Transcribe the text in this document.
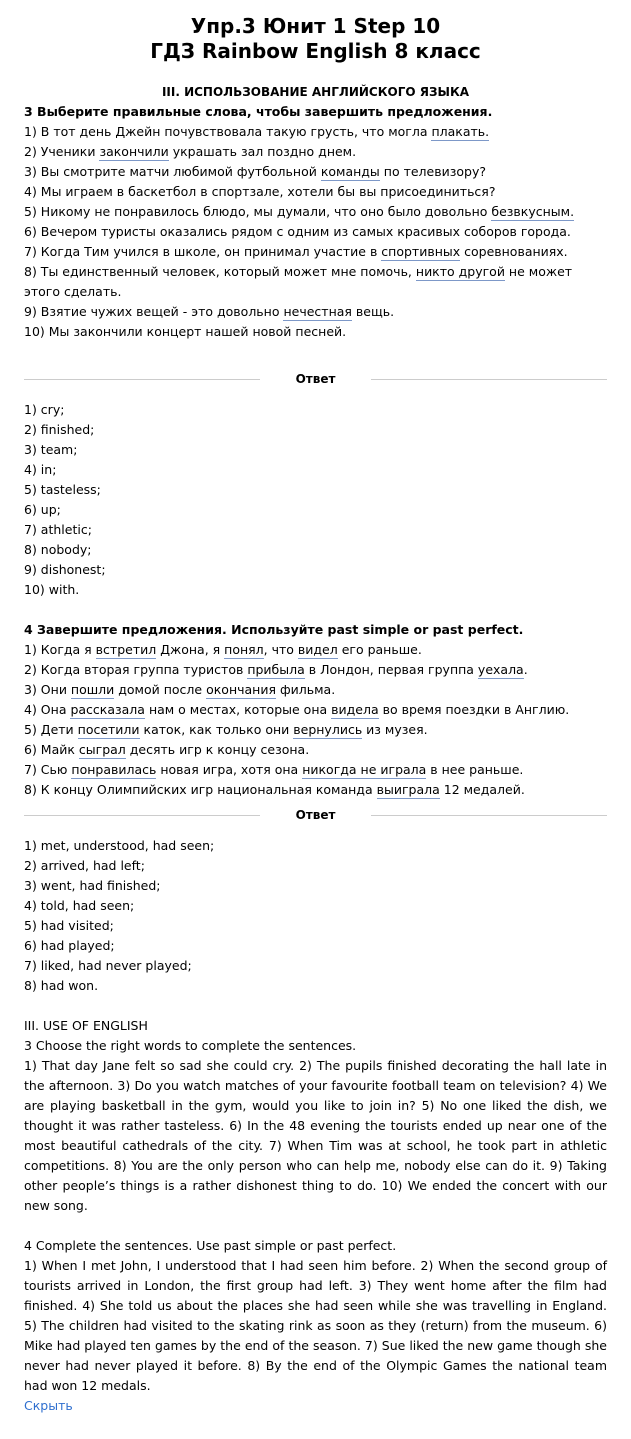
Упр.3 Юнит 1 Step 10
ГДЗ Rainbow English 8 класс
III. ИСПОЛЬЗОВАНИЕ АНГЛИЙСКОГО ЯЗЫКА
3 Выберите правильные слова, чтобы завершить предложения.
1) В тот день Джейн почувствовала такую грусть, что могла плакать.
2) Ученики закончили украшать зал поздно днем.
3) Вы смотрите матчи любимой футбольной команды по телевизору?
4) Мы играем в баскетбол в спортзале, хотели бы вы присоединиться?
5) Никому не понравилось блюдо, мы думали, что оно было довольно безвкусным.
6) Вечером туристы оказались рядом с одним из самых красивых соборов города.
7) Когда Тим учился в школе, он принимал участие в спортивных соревнованиях.
8) Ты единственный человек, который может мне помочь, никто другой не может этого сделать.
9) Взятие чужих вещей - это довольно нечестная вещь.
10) Мы закончили концерт нашей новой песней.
Ответ
1) cry;
2) finished;
3) team;
4) in;
5) tasteless;
6) up;
7) athletic;
8) nobody;
9) dishonest;
10) with.
4 Завершите предложения. Используйте past simple or past perfect.
1) Когда я встретил Джона, я понял, что видел его раньше.
2) Когда вторая группа туристов прибыла в Лондон, первая группа уехала.
3) Они пошли домой после окончания фильма.
4) Она рассказала нам о местах, которые она видела во время поездки в Англию.
5) Дети посетили каток, как только они вернулись из музея.
6) Майк сыграл десять игр к концу сезона.
7) Сью понравилась новая игра, хотя она никогда не играла в нее раньше.
8) К концу Олимпийских игр национальная команда выиграла 12 медалей.
Ответ
1) met, understood, had seen;
2) arrived, had left;
3) went, had finished;
4) told, had seen;
5) had visited;
6) had played;
7) liked, had never played;
8) had won.
III. USE OF ENGLISH
3 Choose the right words to complete the sentences.
1) That day Jane felt so sad she could cry. 2) The pupils finished decorating the hall late in the afternoon. 3) Do you watch matches of your favourite football team on television? 4) We are playing basketball in the gym, would you like to join in? 5) No one liked the dish, we thought it was rather tasteless. 6) In the 48 evening the tourists ended up near one of the most beautiful cathedrals of the city. 7) When Tim was at school, he took part in athletic competitions. 8) You are the only person who can help me, nobody else can do it. 9) Taking other people’s things is a rather dishonest thing to do. 10) We ended the concert with our new song.
4 Complete the sentences. Use past simple or past perfect.
1) When I met John, I understood that I had seen him before. 2) When the second group of tourists arrived in London, the first group had left. 3) They went home after the film had finished. 4) She told us about the places she had seen while she was travelling in England. 5) The children had visited to the skating rink as soon as they (return) from the museum. 6) Mike had played ten games by the end of the season. 7) Sue liked the new game though she never had never played it before. 8) By the end of the Olympic Games the national team had won 12 medals.
Скрыть
